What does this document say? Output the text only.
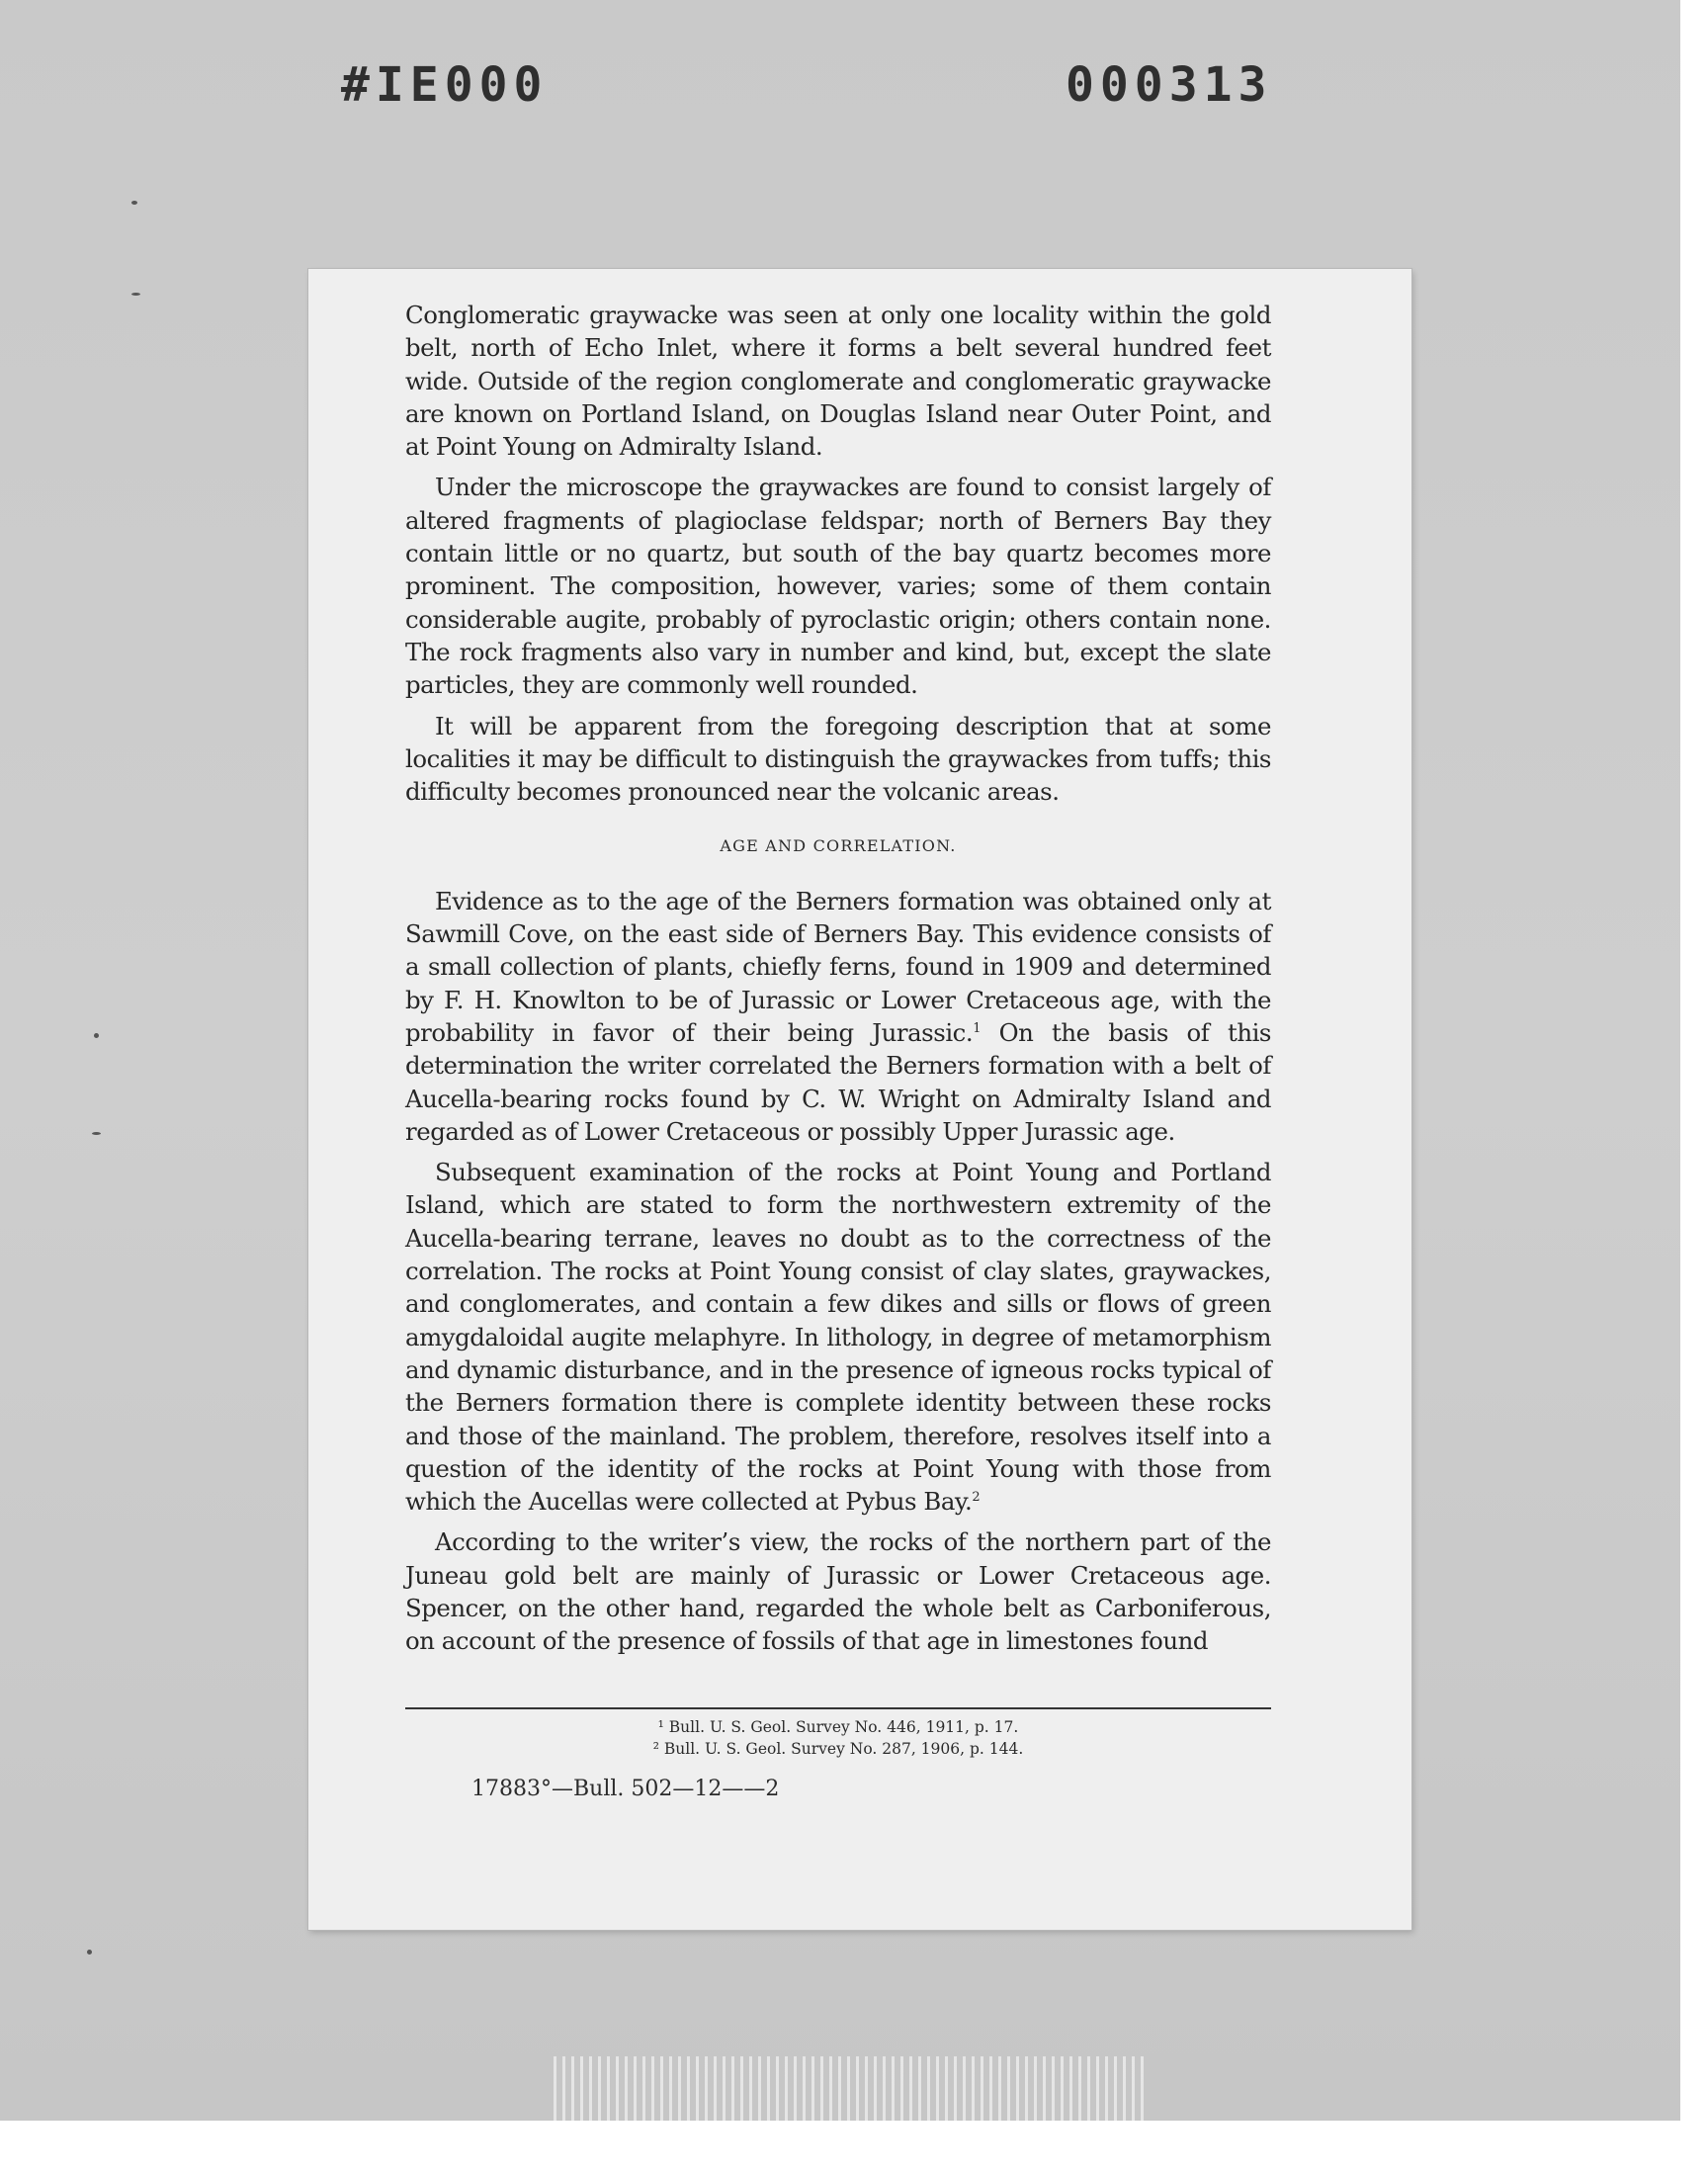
#IE000	000313

Conglomeratic graywacke was seen at only one locality within the gold belt, north of Echo Inlet, where it forms a belt several hundred feet wide. Outside of the region conglomerate and conglomeratic graywacke are known on Portland Island, on Douglas Island near Outer Point, and at Point Young on Admiralty Island.

Under the microscope the graywackes are found to consist largely of altered fragments of plagioclase feldspar; north of Berners Bay they contain little or no quartz, but south of the bay quartz becomes more prominent. The composition, however, varies; some of them contain considerable augite, probably of pyroclastic origin; others contain none. The rock fragments also vary in number and kind, but, except the slate particles, they are commonly well rounded.

It will be apparent from the foregoing description that at some localities it may be difficult to distinguish the graywackes from tuffs; this difficulty becomes pronounced near the volcanic areas.

AGE AND CORRELATION.

Evidence as to the age of the Berners formation was obtained only at Sawmill Cove, on the east side of Berners Bay. This evidence consists of a small collection of plants, chiefly ferns, found in 1909 and determined by F. H. Knowlton to be of Jurassic or Lower Cretaceous age, with the probability in favor of their being Jurassic.$^1$ On the basis of this determination the writer correlated the Berners formation with a belt of Aucella-bearing rocks found by C. W. Wright on Admiralty Island and regarded as of Lower Cretaceous or possibly Upper Jurassic age.

Subsequent examination of the rocks at Point Young and Portland Island, which are stated to form the northwestern extremity of the Aucella-bearing terrane, leaves no doubt as to the correctness of the correlation. The rocks at Point Young consist of clay slates, graywackes, and conglomerates, and contain a few dikes and sills or flows of green amygdaloidal augite melaphyre. In lithology, in degree of metamorphism and dynamic disturbance, and in the presence of igneous rocks typical of the Berners formation there is complete identity between these rocks and those of the mainland. The problem, therefore, resolves itself into a question of the identity of the rocks at Point Young with those from which the Aucellas were collected at Pybus Bay.$^2$

According to the writer’s view, the rocks of the northern part of the Juneau gold belt are mainly of Jurassic or Lower Cretaceous age. Spencer, on the other hand, regarded the whole belt as Carboniferous, on account of the presence of fossils of that age in limestones found

¹ Bull. U. S. Geol. Survey No. 446, 1911, p. 17.
² Bull. U. S. Geol. Survey No. 287, 1906, p. 144.
17883°—Bull. 502—12——2
